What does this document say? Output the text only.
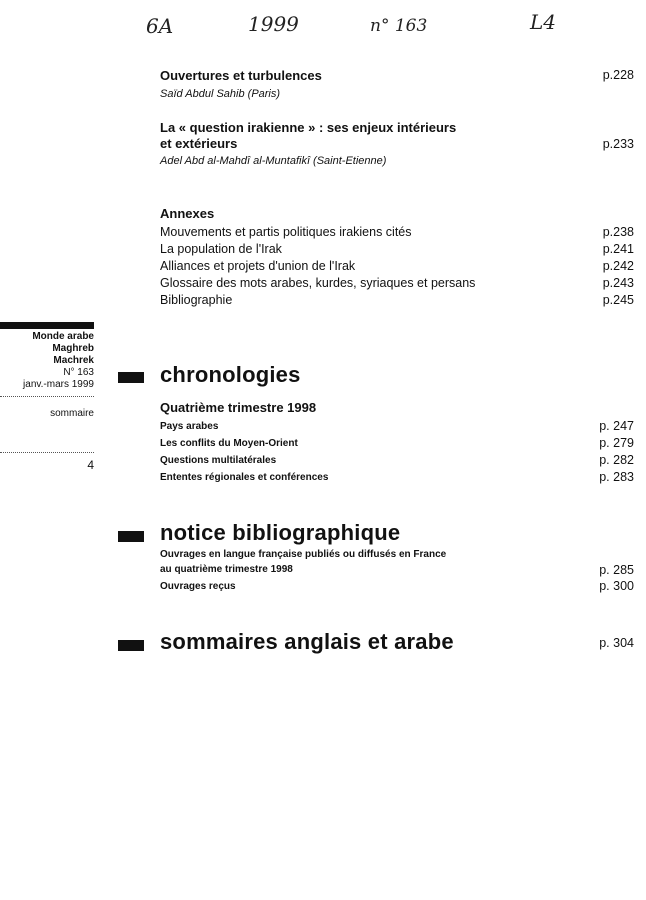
6A	1999	n° 163	L4
Ouvertures et turbulences	p.228
Saïd Abdul Sahib (Paris)
La « question irakienne » : ses enjeux intérieurs
et extérieurs	p.233
Adel Abd al-Mahdî al-Muntafikî (Saint-Etienne)
Annexes
Mouvements et partis politiques irakiens cités	p.238
La population de l'Irak	p.241
Alliances et projets d'union de l'Irak	p.242
Glossaire des mots arabes, kurdes, syriaques et persans	p.243
Bibliographie	p.245
Monde arabe
Maghreb
Machrek
N° 163
janv.-mars 1999
sommaire
4
chronologies
Quatrième trimestre 1998
Pays arabes	p. 247
Les conflits du Moyen-Orient	p. 279
Questions multilatérales	p. 282
Ententes régionales et conférences	p. 283
notice bibliographique
Ouvrages en langue française publiés ou diffusés en France
au quatrième trimestre 1998	p. 285
Ouvrages reçus	p. 300
sommaires anglais et arabe	p. 304
